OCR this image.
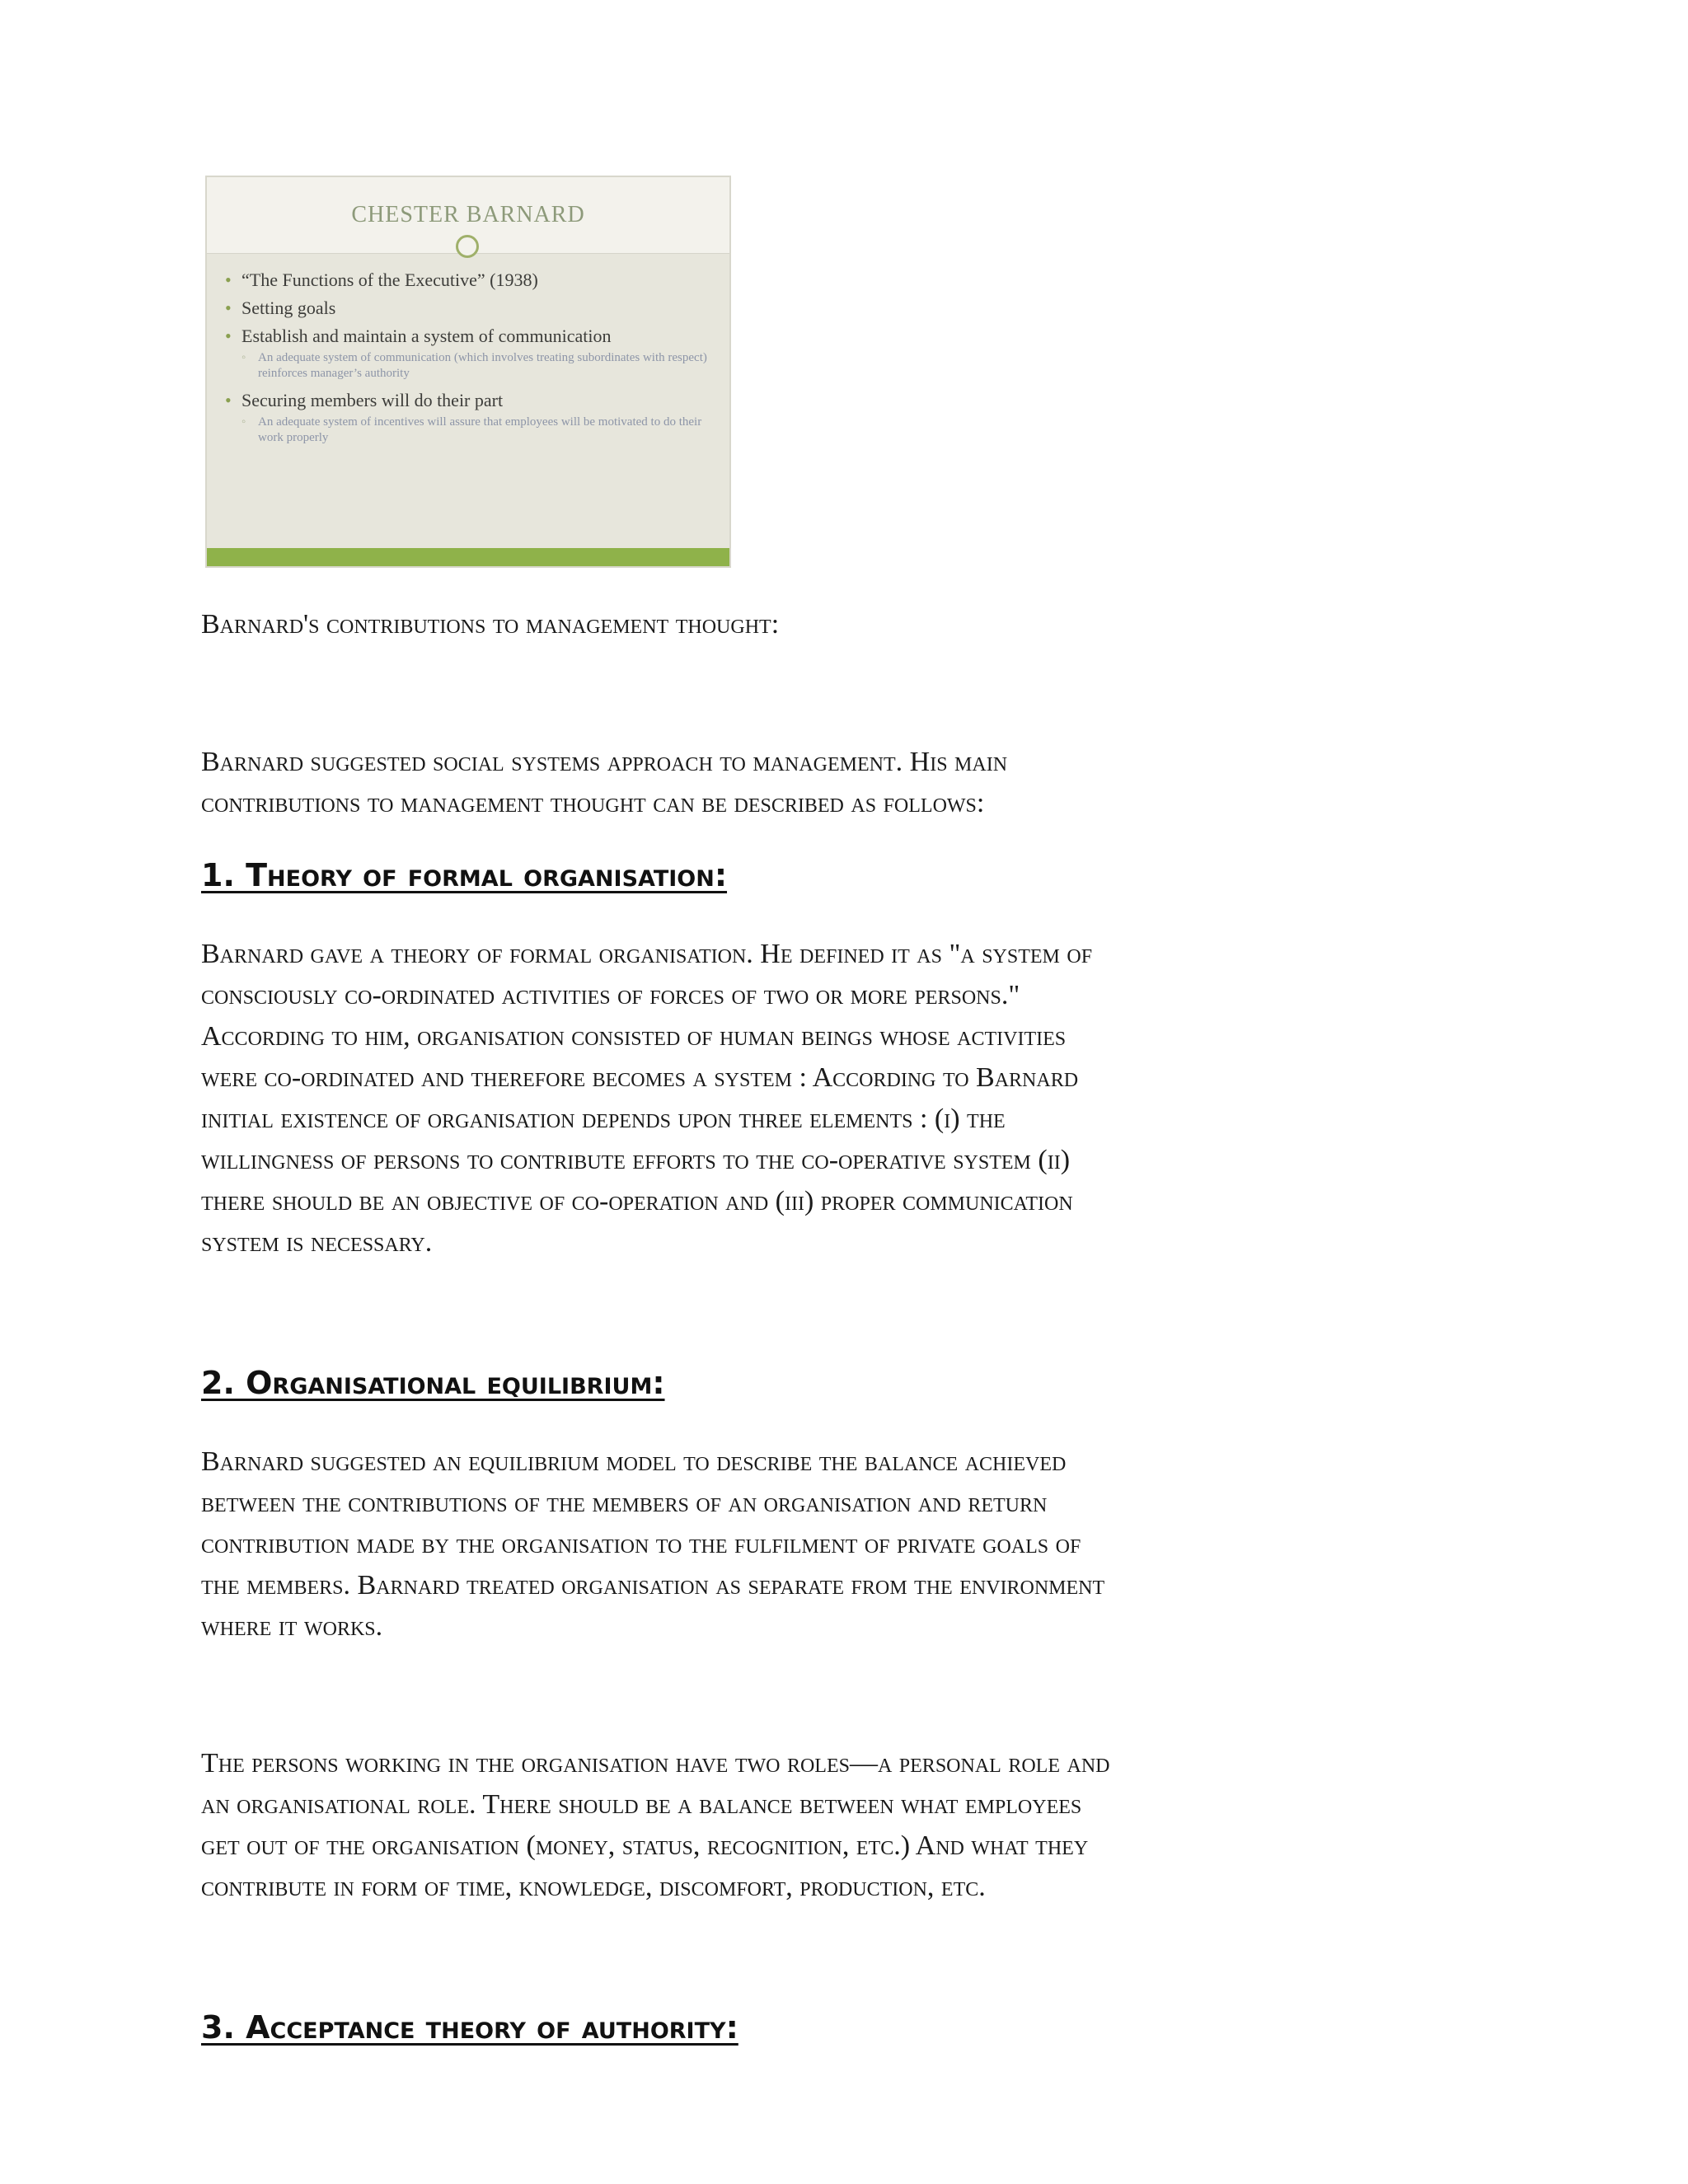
CHESTER BARNARD
• “The Functions of the Executive” (1938)
• Setting goals
• Establish and maintain a system of communication
◦ An adequate system of communication (which involves treating subordinates with respect) reinforces manager’s authority
• Securing members will do their part
◦ An adequate system of incentives will assure that employees will be motivated to do their work properly
Barnard's contributions to management thought:
Barnard suggested social systems approach to management. His main
contributions to management thought can be described as follows:
1. Theory of formal organisation:
Barnard gave a theory of formal organisation. He defined it as "a system of
consciously co-ordinated activities of forces of two or more persons."
According to him, organisation consisted of human beings whose activities
were co-ordinated and therefore becomes a system : According to Barnard
initial existence of organisation depends upon three elements : (i) the
willingness of persons to contribute efforts to the co-operative system (ii)
there should be an objective of co-operation and (iii) proper communication
system is necessary.
2. Organisational equilibrium:
Barnard suggested an equilibrium model to describe the balance achieved
between the contributions of the members of an organisation and return
contribution made by the organisation to the fulfilment of private goals of
the members. Barnard treated organisation as separate from the environment
where it works.
The persons working in the organisation have two roles—a personal role and
an organisational role. There should be a balance between what employees
get out of the organisation (money, status, recognition, etc.) And what they
contribute in form of time, knowledge, discomfort, production, etc.
3. Acceptance theory of authority:
